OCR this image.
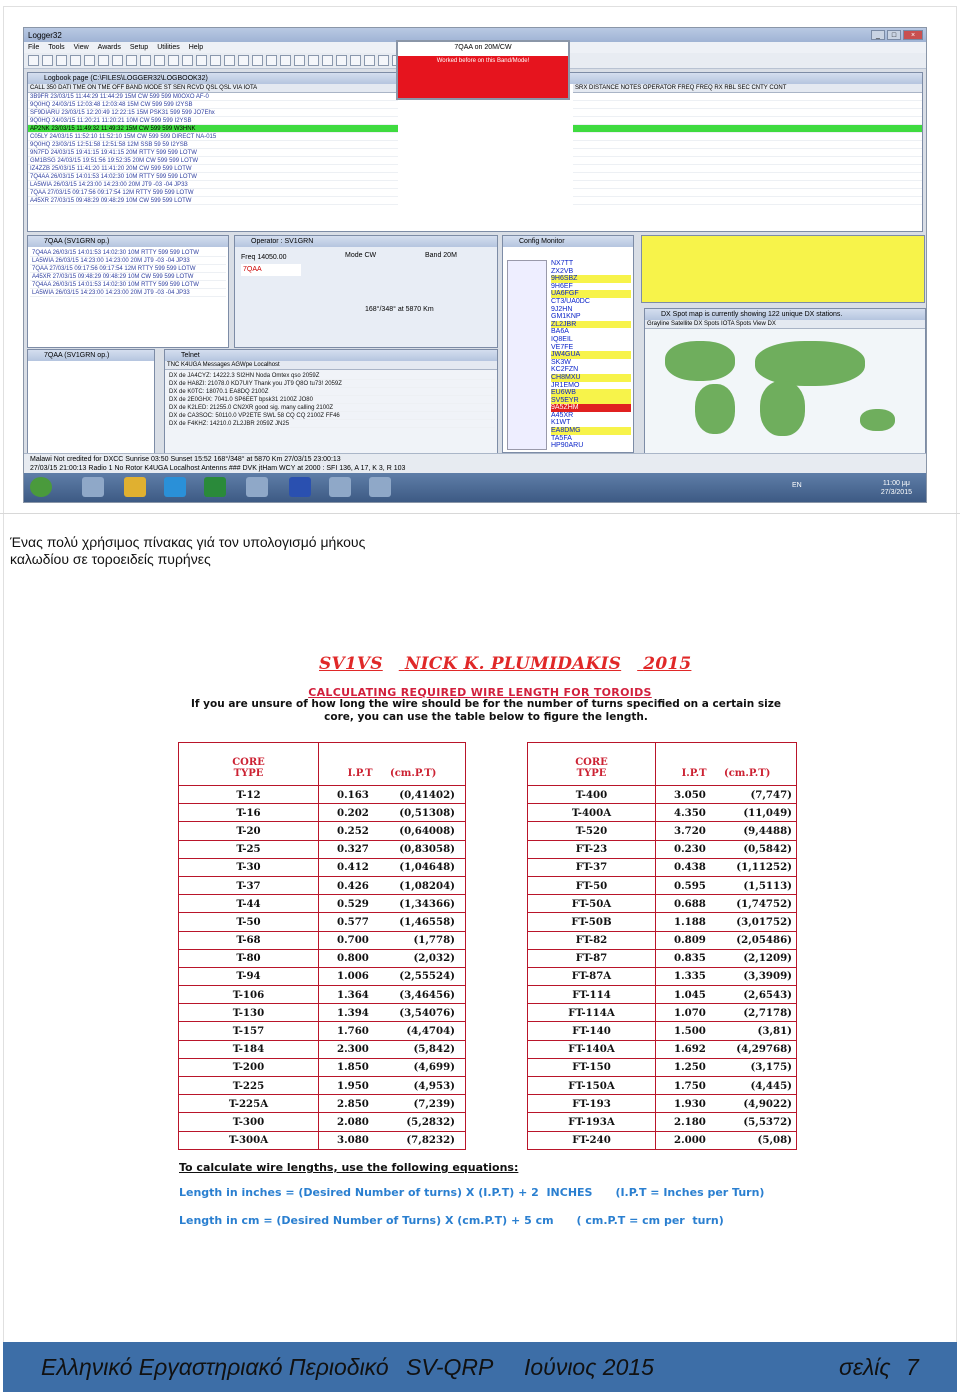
Logger32	_	□	×
File Tools View Awards Setup Utilities Help
Logbook page (C:\FILES\LOGGER32\LOGBOOK32)
CALL 350 DATI TME ON TME OFF BAND MODE ST SEN RCVD QSL QSL VIA IOTA
3B9FR 23/03/15 11:44:29 11:44:29 15M CW 599 599 M0OXO AF-0
9Q0HQ 24/03/15 12:03:48 12:03:48 15M CW 599 599 I2YSB
SF9DIARU 23/03/15 12:20:49 12:22:15 15M PSK31 599 599 JO7Ehx
9Q0HQ 24/03/15 11:20:21 11:20:21 10M CW 599 599 I2YSB
AP2NK 23/03/15 11:49:32 11:49:32 15M CW 599 599 W3HNK
C05LY 24/03/15 11:52:10 11:52:10 15M CW 599 599 DIRECT NA-015
9Q0HQ 23/03/15 12:51:58 12:51:58 12M SSB 59 59 I2YSB
9N7FD 24/03/15 19:41:15 19:41:15 20M RTTY 599 599 LOTW
GM1BSG 24/03/15 19:51:56 19:52:35 20M CW 599 599 LOTW
IZ4ZZB 25/03/15 11:41:20 11:41:20 20M CW 599 599 LOTW
7Q4AA 26/03/15 14:01:53 14:02:30 10M RTTY 599 599 LOTW
LA5WIA 26/03/15 14:23:00 14:23:00 20M JT9 -03 -04 JP33
7QAA 27/03/15 09:17:56 09:17:54 12M RTTY 599 599 LOTW
A45XR 27/03/15 09:48:29 09:48:29 10M CW 599 599 LOTW
SRX DISTANCE NOTES OPERATOR FREQ FREQ RX RBL SEC CNTY CONT
7QAA on 20M/CW
Worked before on this Band/Mode!
7QAA (SV1GRN op.)
7Q4AA 26/03/15 14:01:53 14:02:30 10M RTTY 599 599 LOTW
LA5WIA 26/03/15 14:23:00 14:23:00 20M JT9 -03 -04 JP33
7QAA 27/03/15 09:17:56 09:17:54 12M RTTY 599 599 LOTW
A45XR 27/03/15 09:48:29 09:48:29 10M CW 599 599 LOTW
7Q4AA 26/03/15 14:01:53 14:02:30 10M RTTY 599 599 LOTW
LA5WIA 26/03/15 14:23:00 14:23:00 20M JT9 -03 -04 JP33
Operator : SV1GRN
Freq 14050.00
7QAA
Mode CW	Band 20M
168°/348° at 5870 Km
7QAA (SV1GRN op.)	Telnet
TNC K4UGA Messages AGWpe Localhost
DX de JA4CYZ: 14222.3 SI2HN Noda Omtex qso 2059Z
DX de HA8ZI: 21078.0 KD7UIY Thank you JT9 Q8O tu73! 2059Z
DX de K0TC: 18070.1 EA8DQ 2100Z
DX de 2E0GHX: 7041.0 SP6EET bpsk31 2100Z JO80
DX de K2LED: 21255.0 CN2XR good sig. many calling 2100Z
DX de CA3SOC: 50110.0 VP2ETE SWL 58 CQ CQ 2100Z FF46
DX de F4KHZ: 14210.0 ZL2JBR 2059Z JN25
Config Monitor
NX7TT
ZX2VB
9H6SBZ
9H6EF
UA6FGF
CT3/UA0DC
9J2HN
GM1KNP
ZL2JBR
BA6A
IQ8EIL
VE7FE
JW4GUA
SK3W
KC2FZN
CH8MXU
JR1EMO
EU6WB
SV5EYR
9A5ZHM
A45XR
K1WT
EA8DMG
TA5FA
HP90ARU
DX Spot map is currently showing 122 unique DX stations.
Grayline Satellite DX Spots IOTA Spots View DX
Malawi Not credited for DXCC Sunrise 03:50 Sunset 15:52 168°/348° at 5870 Km 27/03/15 23:00:13
27/03/15 21:00:13 Radio 1 No Rotor K4UGA Localhost Antenns ### DVK jtHam WCY at 2000 : SFI 136, A 17, K 3, R 103
EN	11:00 μμ
27/3/2015
Ένας πολύ χρήσιμος πίνακας γιά τον υπολογισμό μήκους
καλωδίου σε τοροειδείς πυρήνες
SV1VS NICK K. PLUMIDAKIS 2015
CALCULATING REQUIRED WIRE LENGTH FOR TOROIDS
If you are unsure of how long the wire should be for the number of turns specified on a certain size core, you can use the table below to figure the length.
CORE
TYPE	I.P.T (cm.P.T)
T-12	0.163 (0,41402)
T-16	0.202 (0,51308)
T-20	0.252 (0,64008)
T-25	0.327 (0,83058)
T-30	0.412 (1,04648)
T-37	0.426 (1,08204)
T-44	0.529 (1,34366)
T-50	0.577 (1,46558)
T-68	0.700 (1,778)
T-80	0.800 (2,032)
T-94	1.006 (2,55524)
T-106	1.364 (3,46456)
T-130	1.394 (3,54076)
T-157	1.760 (4,4704)
T-184	2.300 (5,842)
T-200	1.850 (4,699)
T-225	1.950 (4,953)
T-225A	2.850 (7,239)
T-300	2.080 (5,2832)
T-300A	3.080 (7,8232)
CORE
TYPE	I.P.T (cm.P.T)
T-400	3.050 (7,747)
T-400A	4.350 (11,049)
T-520	3.720 (9,4488)
FT-23	0.230 (0,5842)
FT-37	0.438 (1,11252)
FT-50	0.595 (1,5113)
FT-50A	0.688 (1,74752)
FT-50B	1.188 (3,01752)
FT-82	0.809 (2,05486)
FT-87	0.835 (2,1209)
FT-87A	1.335 (3,3909)
FT-114	1.045 (2,6543)
FT-114A	1.070 (2,7178)
FT-140	1.500 (3,81)
FT-140A	1.692 (4,29768)
FT-150	1.250 (3,175)
FT-150A	1.750 (4,445)
FT-193	1.930 (4,9022)
FT-193A	2.180 (5,5372)
FT-240	2.000 (5,08)
To calculate wire lengths, use the following equations:
Length in inches = (Desired Number of turns) X (I.P.T) + 2  INCHES      (I.P.T = Inches per Turn)
Length in cm = (Desired Number of Turns) X (cm.P.T) + 5 cm      ( cm.P.T = cm per  turn)
Ελληνικό Εργαστηριακό Περιοδικό SV-QRP Ιούνιος 2015	σελίς 7
